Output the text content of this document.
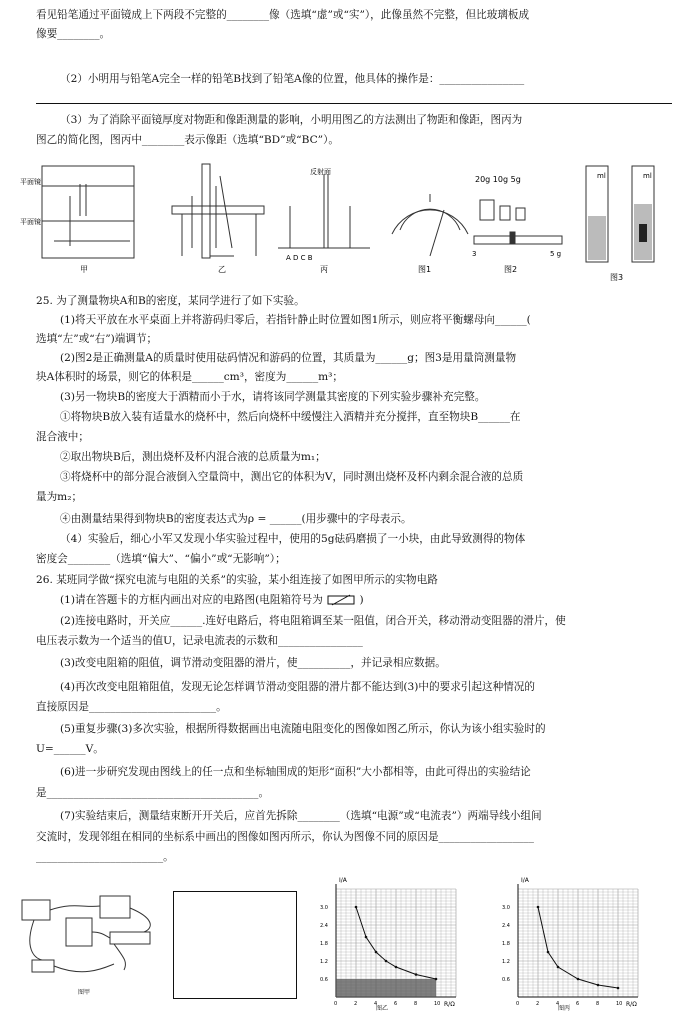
看见铅笔通过平面镜成上下两段不完整的________像（选填“虚”或“实”），此像虽然不完整，但比玻璃板成
像要________。
（2）小明用与铅笔A完全一样的铅笔B找到了铅笔A像的位置，他具体的操作是：________________
（3）为了消除平面镜厚度对物距和像距测量的影响，小明用图乙的方法测出了物距和像距，图丙为
图乙的简化图，图丙中________表示像距（选填“BD”或“BC”）。
平面镜
平面镜
甲	乙
反射面
A D C B
丙	图1
20g 10g 5g
3	5 g
图2
ml	ml
图3
25. 为了测量物块A和B的密度，某同学进行了如下实验。
(1)将天平放在水平桌面上并将游码归零后，若指针静止时位置如图1所示，则应将平衡螺母向______(
选填“左”或“右”)端调节；
(2)图2是正确测量A的质量时使用砝码情况和游码的位置，其质量为______g；图3是用量筒测量物
块A体积时的场景，则它的体积是______cm³，密度为______m³；
(3)另一物块B的密度大于酒精而小于水，请将该同学测量其密度的下列实验步骤补充完整。
①将物块B放入装有适量水的烧杯中，然后向烧杯中缓慢注入酒精并充分搅拌，直至物块B______在
混合液中；
②取出物块B后，测出烧杯及杯内混合液的总质量为m₁；
③将烧杯中的部分混合液倒入空量筒中，测出它的体积为V，同时测出烧杯及杯内剩余混合液的总质
量为m₂；
④由测量结果得到物块B的密度表达式为ρ = ______(用步骤中的字母表示。
（4）实验后，细心小军又发现小华实验过程中，使用的5g砝码磨损了一小块，由此导致测得的物体
密度会________（选填“偏大”、“偏小”或“无影响”）；
26. 某班同学做“探究电流与电阻的关系”的实验，某小组连接了如图甲所示的实物电路
(1)请在答题卡的方框内画出对应的电路图(电阻箱符号为	)
(2)连接电路时，开关应______.连好电路后，将电阻箱调至某一阻值，闭合开关，移动滑动变阻器的滑片，使
电压表示数为一个适当的值U，记录电流表的示数和________________
(3)改变电阻箱的阻值，调节滑动变阻器的滑片，使__________，并记录相应数据。
(4)再次改变电阻箱阻值，发现无论怎样调节滑动变阻器的滑片都不能达到(3)中的要求引起这种情况的
直接原因是________________________。
(5)重复步骤(3)多次实验，根据所得数据画出电流随电阻变化的图像如图乙所示，你认为该小组实验时的
U=______V。
(6)进一步研究发现由图线上的任一点和坐标轴围成的矩形“面积”大小都相等，由此可得出的实验结论
是________________________________________。
(7)实验结束后，测量结束断开开关后，应首先拆除________（选填“电源”或“电流表”）两端导线小组间
交流时，发现邻组在相同的坐标系中画出的图像如图丙所示，你认为图像不同的原因是__________________
________________________。
图甲
I/A
R/Ω
图乙
3.0
2.4
1.8
1.2
0.6
0	2	4	6	8	10
I/A
R/Ω
图丙
3.0
2.4
1.8
1.2
0.6
0	2	4	6	8	10
